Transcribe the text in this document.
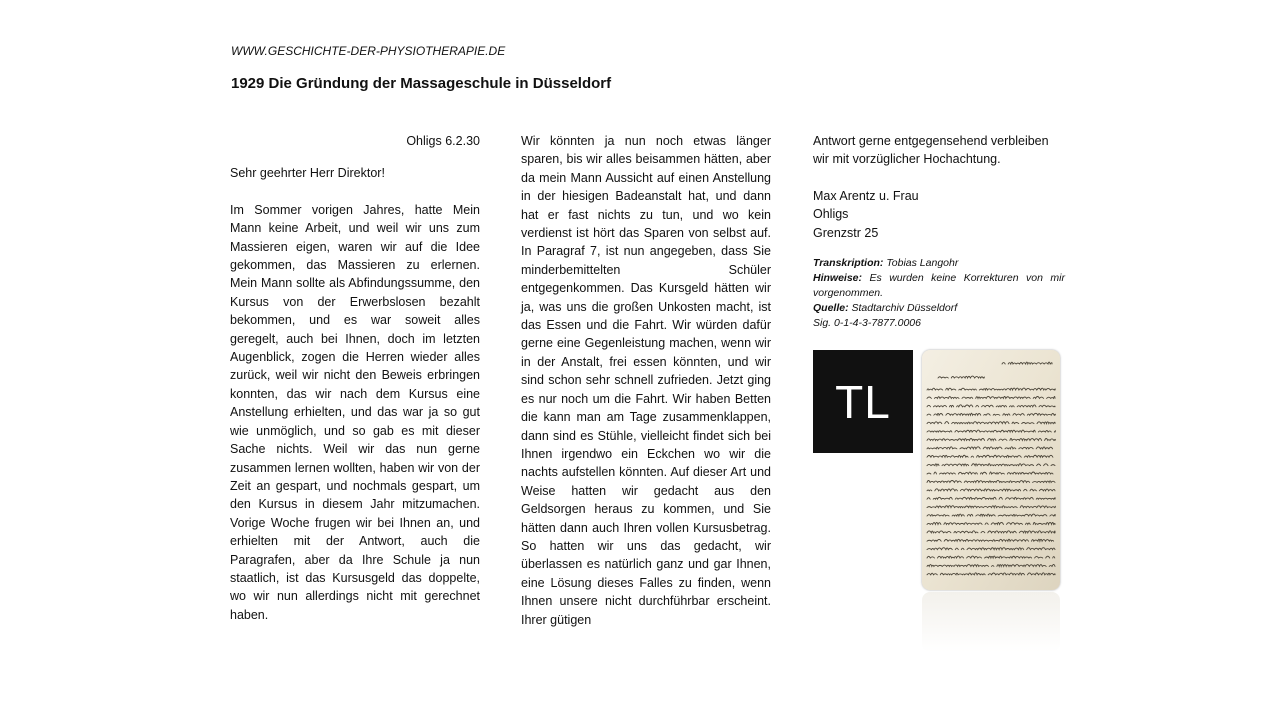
WWW.GESCHICHTE-DER-PHYSIOTHERAPIE.DE
1929 Die Gründung der Massageschule in Düsseldorf

Ohligs 6.2.30

Sehr geehrter Herr Direktor!

Im Sommer vorigen Jahres, hatte Mein Mann keine Arbeit, und weil wir uns zum Massieren eigen, waren wir auf die Idee gekommen, das Massieren zu erlernen. Mein Mann sollte als Abfindungssumme, den Kursus von der Erwerbslosen bezahlt bekommen, und es war soweit alles geregelt, auch bei Ihnen, doch im letzten Augenblick, zogen die Herren wieder alles zurück, weil wir nicht den Beweis erbringen konnten, das wir nach dem Kursus eine Anstellung erhielten, und das war ja so gut wie unmöglich, und so gab es mit dieser Sache nichts. Weil wir das nun gerne zusammen lernen wollten, haben wir von der Zeit an gespart, und nochmals gespart, um den Kursus in diesem Jahr mitzumachen. Vorige Woche frugen wir bei Ihnen an, und erhielten mit der Antwort, auch die Paragrafen, aber da Ihre Schule ja nun staatlich, ist das Kursusgeld das doppelte, wo wir nun allerdings nicht mit gerechnet haben.

Wir könnten ja nun noch etwas länger sparen, bis wir alles beisammen hätten, aber da mein Mann Aussicht auf einen Anstellung in der hiesigen Badeanstalt hat, und dann hat er fast nichts zu tun, und wo kein verdienst ist hört das Sparen von selbst auf. In Paragraf 7, ist nun angegeben, dass Sie minderbemittelten Schüler entgegenkommen. Das Kursgeld hätten wir ja, was uns die großen Unkosten macht, ist das Essen und die Fahrt. Wir würden dafür gerne eine Gegenleistung machen, wenn wir in der Anstalt, frei essen könnten, und wir sind schon sehr schnell zufrieden. Jetzt ging es nur noch um die Fahrt. Wir haben Betten die kann man am Tage zusammenklappen, dann sind es Stühle, vielleicht findet sich bei Ihnen irgendwo ein Eckchen wo wir die nachts aufstellen könnten. Auf dieser Art und Weise hatten wir gedacht aus den Geldsorgen heraus zu kommen, und Sie hätten dann auch Ihren vollen Kursusbetrag. So hatten wir uns das gedacht, wir überlassen es natürlich ganz und gar Ihnen, eine Lösung dieses Falles zu finden, wenn Ihnen unsere nicht durchführbar erscheint. Ihrer gütigen

Antwort gerne entgegensehend verbleiben wir mit vorzüglicher Hochachtung.

Max Arentz u. Frau
Ohligs
Grenzstr 25

Transkription: Tobias Langohr
Hinweise: Es wurden keine Korrekturen von mir vorgenommen.
Quelle: Stadtarchiv Düsseldorf
Sig. 0-1-4-3-7877.0006
TL
